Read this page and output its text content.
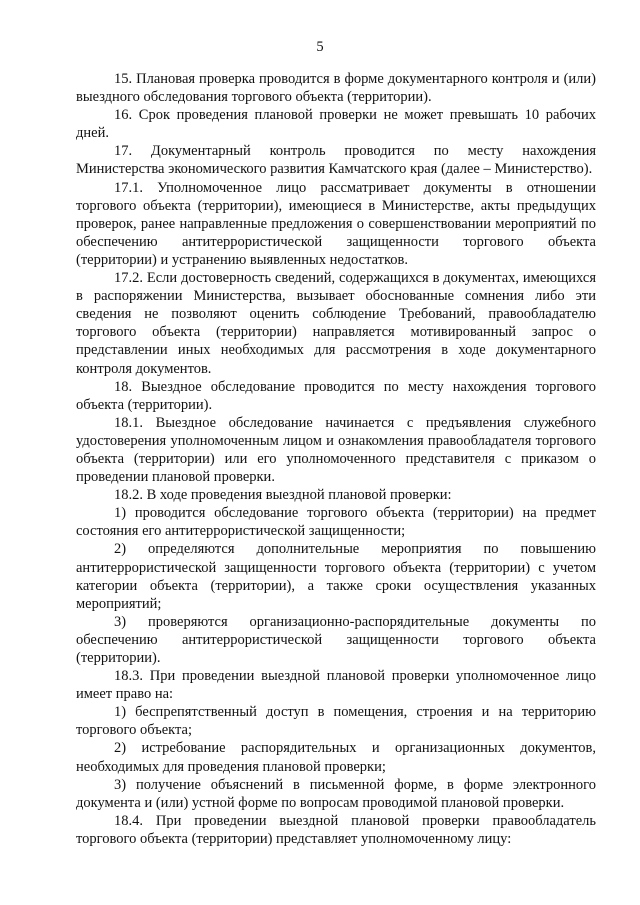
5

15. Плановая проверка проводится в форме документарного контроля и (или) выездного обследования торгового объекта (территории).

16. Срок проведения плановой проверки не может превышать 10 рабочих дней.

17. Документарный контроль проводится по месту нахождения Министерства экономического развития Камчатского края (далее – Министерство).

17.1. Уполномоченное лицо рассматривает документы в отношении торгового объекта (территории), имеющиеся в Министерстве, акты предыдущих проверок, ранее направленные предложения о совершенствовании мероприятий по обеспечению антитеррористической защищенности торгового объекта (территории) и устранению выявленных недостатков.

17.2. Если достоверность сведений, содержащихся в документах, имеющихся в распоряжении Министерства, вызывает обоснованные сомнения либо эти сведения не позволяют оценить соблюдение Требований, правообладателю торгового объекта (территории) направляется мотивированный запрос о представлении иных необходимых для рассмотрения в ходе документарного контроля документов.

18. Выездное обследование проводится по месту нахождения торгового объекта (территории).

18.1. Выездное обследование начинается с предъявления служебного удостоверения уполномоченным лицом и ознакомления правообладателя торгового объекта (территории) или его уполномоченного представителя с приказом о проведении плановой проверки.

18.2. В ходе проведения выездной плановой проверки:

1) проводится обследование торгового объекта (территории) на предмет состояния его антитеррористической защищенности;

2) определяются дополнительные мероприятия по повышению антитеррористической защищенности торгового объекта (территории) с учетом категории объекта (территории), а также сроки осуществления указанных мероприятий;

3) проверяются организационно-распорядительные документы по обеспечению антитеррористической защищенности торгового объекта (территории).

18.3. При проведении выездной плановой проверки уполномоченное лицо имеет право на:

1) беспрепятственный доступ в помещения, строения и на территорию торгового объекта;

2) истребование распорядительных и организационных документов, необходимых для проведения плановой проверки;

3) получение объяснений в письменной форме, в форме электронного документа и (или) устной форме по вопросам проводимой плановой проверки.

18.4. При проведении выездной плановой проверки правообладатель торгового объекта (территории) представляет уполномоченному лицу:
